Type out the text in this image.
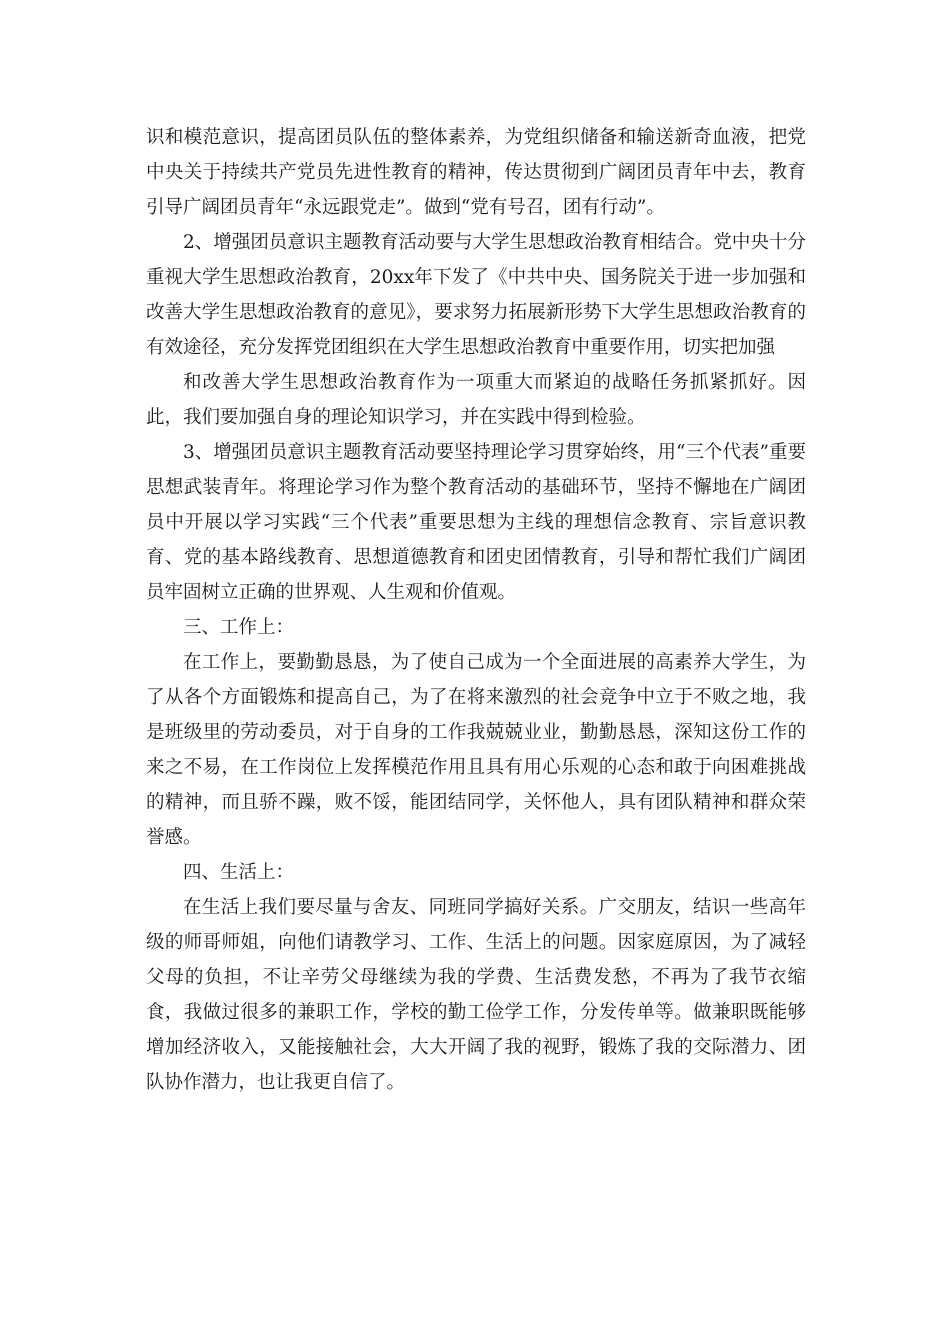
识和模范意识，提高团员队伍的整体素养，为党组织储备和输送新奇血液，把党中央关于持续共产党员先进性教育的精神，传达贯彻到广阔团员青年中去，教育引导广阔团员青年“永远跟党走”。做到“党有号召，团有行动”。

2、增强团员意识主题教育活动要与大学生思想政治教育相结合。党中央十分重视大学生思想政治教育，20xx年下发了《中共中央、国务院关于进一步加强和改善大学生思想政治教育的意见》，要求努力拓展新形势下大学生思想政治教育的有效途径，充分发挥党团组织在大学生思想政治教育中重要作用，切实把加强

和改善大学生思想政治教育作为一项重大而紧迫的战略任务抓紧抓好。因此，我们要加强自身的理论知识学习，并在实践中得到检验。

3、增强团员意识主题教育活动要坚持理论学习贯穿始终，用“三个代表”重要思想武装青年。将理论学习作为整个教育活动的基础环节，坚持不懈地在广阔团员中开展以学习实践“三个代表”重要思想为主线的理想信念教育、宗旨意识教育、党的基本路线教育、思想道德教育和团史团情教育，引导和帮忙我们广阔团员牢固树立正确的世界观、人生观和价值观。

三、工作上：

在工作上，要勤勤恳恳，为了使自己成为一个全面进展的高素养大学生，为了从各个方面锻炼和提高自己，为了在将来激烈的社会竞争中立于不败之地，我是班级里的劳动委员，对于自身的工作我兢兢业业，勤勤恳恳，深知这份工作的来之不易，在工作岗位上发挥模范作用且具有用心乐观的心态和敢于向困难挑战的精神，而且骄不躁，败不馁，能团结同学，关怀他人，具有团队精神和群众荣誉感。

四、生活上：

在生活上我们要尽量与舍友、同班同学搞好关系。广交朋友，结识一些高年级的师哥师姐，向他们请教学习、工作、生活上的问题。因家庭原因，为了减轻父母的负担，不让辛劳父母继续为我的学费、生活费发愁，不再为了我节衣缩食，我做过很多的兼职工作，学校的勤工俭学工作，分发传单等。做兼职既能够增加经济收入，又能接触社会，大大开阔了我的视野，锻炼了我的交际潜力、团队协作潜力，也让我更自信了。
